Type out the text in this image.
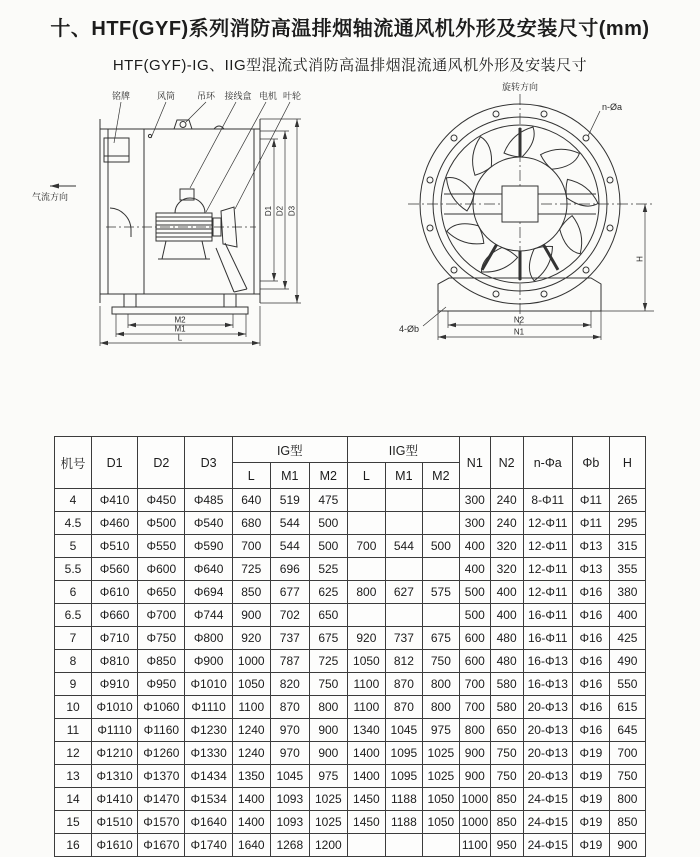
十、HTF(GYF)系列消防高温排烟轴流通风机外形及安装尺寸(mm)
HTF(GYF)-IG、IIG型混流式消防高温排烟混流通风机外形及安装尺寸
铭牌	风筒 吊环 接线盒 电机 叶轮
气流方向
D1 D2 D3
M2
M1
L
旋转方向
n-Øa
4-Øb
N2
N1
H
机号	D1	D2	D3	IG型			IIG型			N1	N2	n-Φa	Φb	H
				L	M1	M2	L	M1	M2					
4	Φ410	Φ450	Φ485	640	519	475				300	240	8-Φ11	Φ11	265
4.5	Φ460	Φ500	Φ540	680	544	500				300	240	12-Φ11	Φ11	295
5	Φ510	Φ550	Φ590	700	544	500	700	544	500	400	320	12-Φ11	Φ13	315
5.5	Φ560	Φ600	Φ640	725	696	525				400	320	12-Φ11	Φ13	355
6	Φ610	Φ650	Φ694	850	677	625	800	627	575	500	400	12-Φ11	Φ16	380
6.5	Φ660	Φ700	Φ744	900	702	650				500	400	16-Φ11	Φ16	400
7	Φ710	Φ750	Φ800	920	737	675	920	737	675	600	480	16-Φ11	Φ16	425
8	Φ810	Φ850	Φ900	1000	787	725	1050	812	750	600	480	16-Φ13	Φ16	490
9	Φ910	Φ950	Φ1010	1050	820	750	1100	870	800	700	580	16-Φ13	Φ16	550
10	Φ1010	Φ1060	Φ1110	1100	870	800	1100	870	800	700	580	20-Φ13	Φ16	615
11	Φ1110	Φ1160	Φ1230	1240	970	900	1340	1045	975	800	650	20-Φ13	Φ16	645
12	Φ1210	Φ1260	Φ1330	1240	970	900	1400	1095	1025	900	750	20-Φ13	Φ19	700
13	Φ1310	Φ1370	Φ1434	1350	1045	975	1400	1095	1025	900	750	20-Φ13	Φ19	750
14	Φ1410	Φ1470	Φ1534	1400	1093	1025	1450	1188	1050	1000	850	24-Φ15	Φ19	800
15	Φ1510	Φ1570	Φ1640	1400	1093	1025	1450	1188	1050	1000	850	24-Φ15	Φ19	850
16	Φ1610	Φ1670	Φ1740	1640	1268	1200				1100	950	24-Φ15	Φ19	900
